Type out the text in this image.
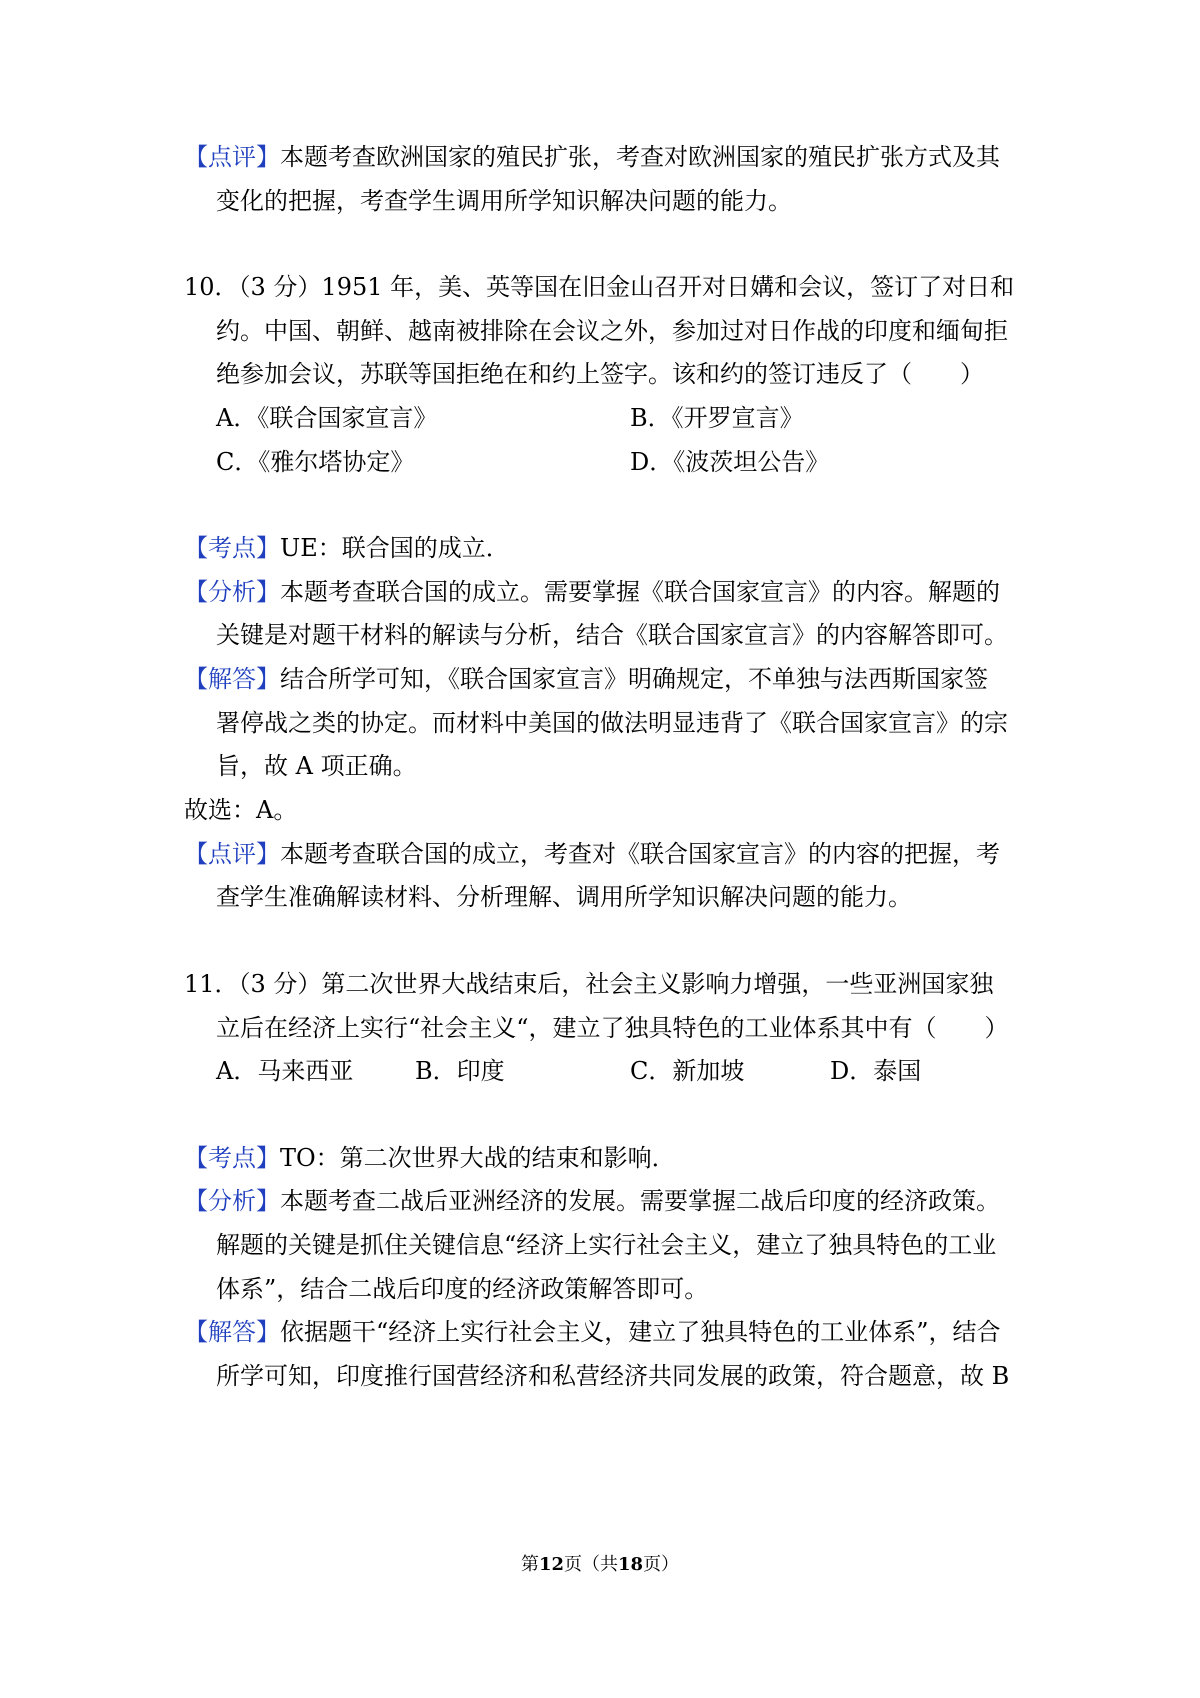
【点评】本题考查欧洲国家的殖民扩张，考查对欧洲国家的殖民扩张方式及其
变化的把握，考查学生调用所学知识解决问题的能力。
10．（3 分）1951 年，美、英等国在旧金山召开对日媾和会议，签订了对日和
约。中国、朝鲜、越南被排除在会议之外，参加过对日作战的印度和缅甸拒
绝参加会议，苏联等国拒绝在和约上签字。该和约的签订违反了（　　）
A．《联合国家宣言》	B．《开罗宣言》
C．《雅尔塔协定》	D．《波茨坦公告》
【考点】UE：联合国的成立．
【分析】本题考查联合国的成立。需要掌握《联合国家宣言》的内容。解题的
关键是对题干材料的解读与分析，结合《联合国家宣言》的内容解答即可。
【解答】结合所学可知，《联合国家宣言》明确规定，不单独与法西斯国家签
署停战之类的协定。而材料中美国的做法明显违背了《联合国家宣言》的宗
旨，故 A 项正确。
故选：A。
【点评】本题考查联合国的成立，考查对《联合国家宣言》的内容的把握，考
查学生准确解读材料、分析理解、调用所学知识解决问题的能力。
11．（3 分）第二次世界大战结束后，社会主义影响力增强，一些亚洲国家独
立后在经济上实行“社会主义“，建立了独具特色的工业体系其中有（　　）
A．马来西亚	B．印度	C．新加坡	D．泰国
【考点】TO：第二次世界大战的结束和影响．
【分析】本题考查二战后亚洲经济的发展。需要掌握二战后印度的经济政策。
解题的关键是抓住关键信息“经济上实行社会主义，建立了独具特色的工业
体系”，结合二战后印度的经济政策解答即可。
【解答】依据题干“经济上实行社会主义，建立了独具特色的工业体系”，结合
所学可知，印度推行国营经济和私营经济共同发展的政策，符合题意，故 B
第12页（共18页）
